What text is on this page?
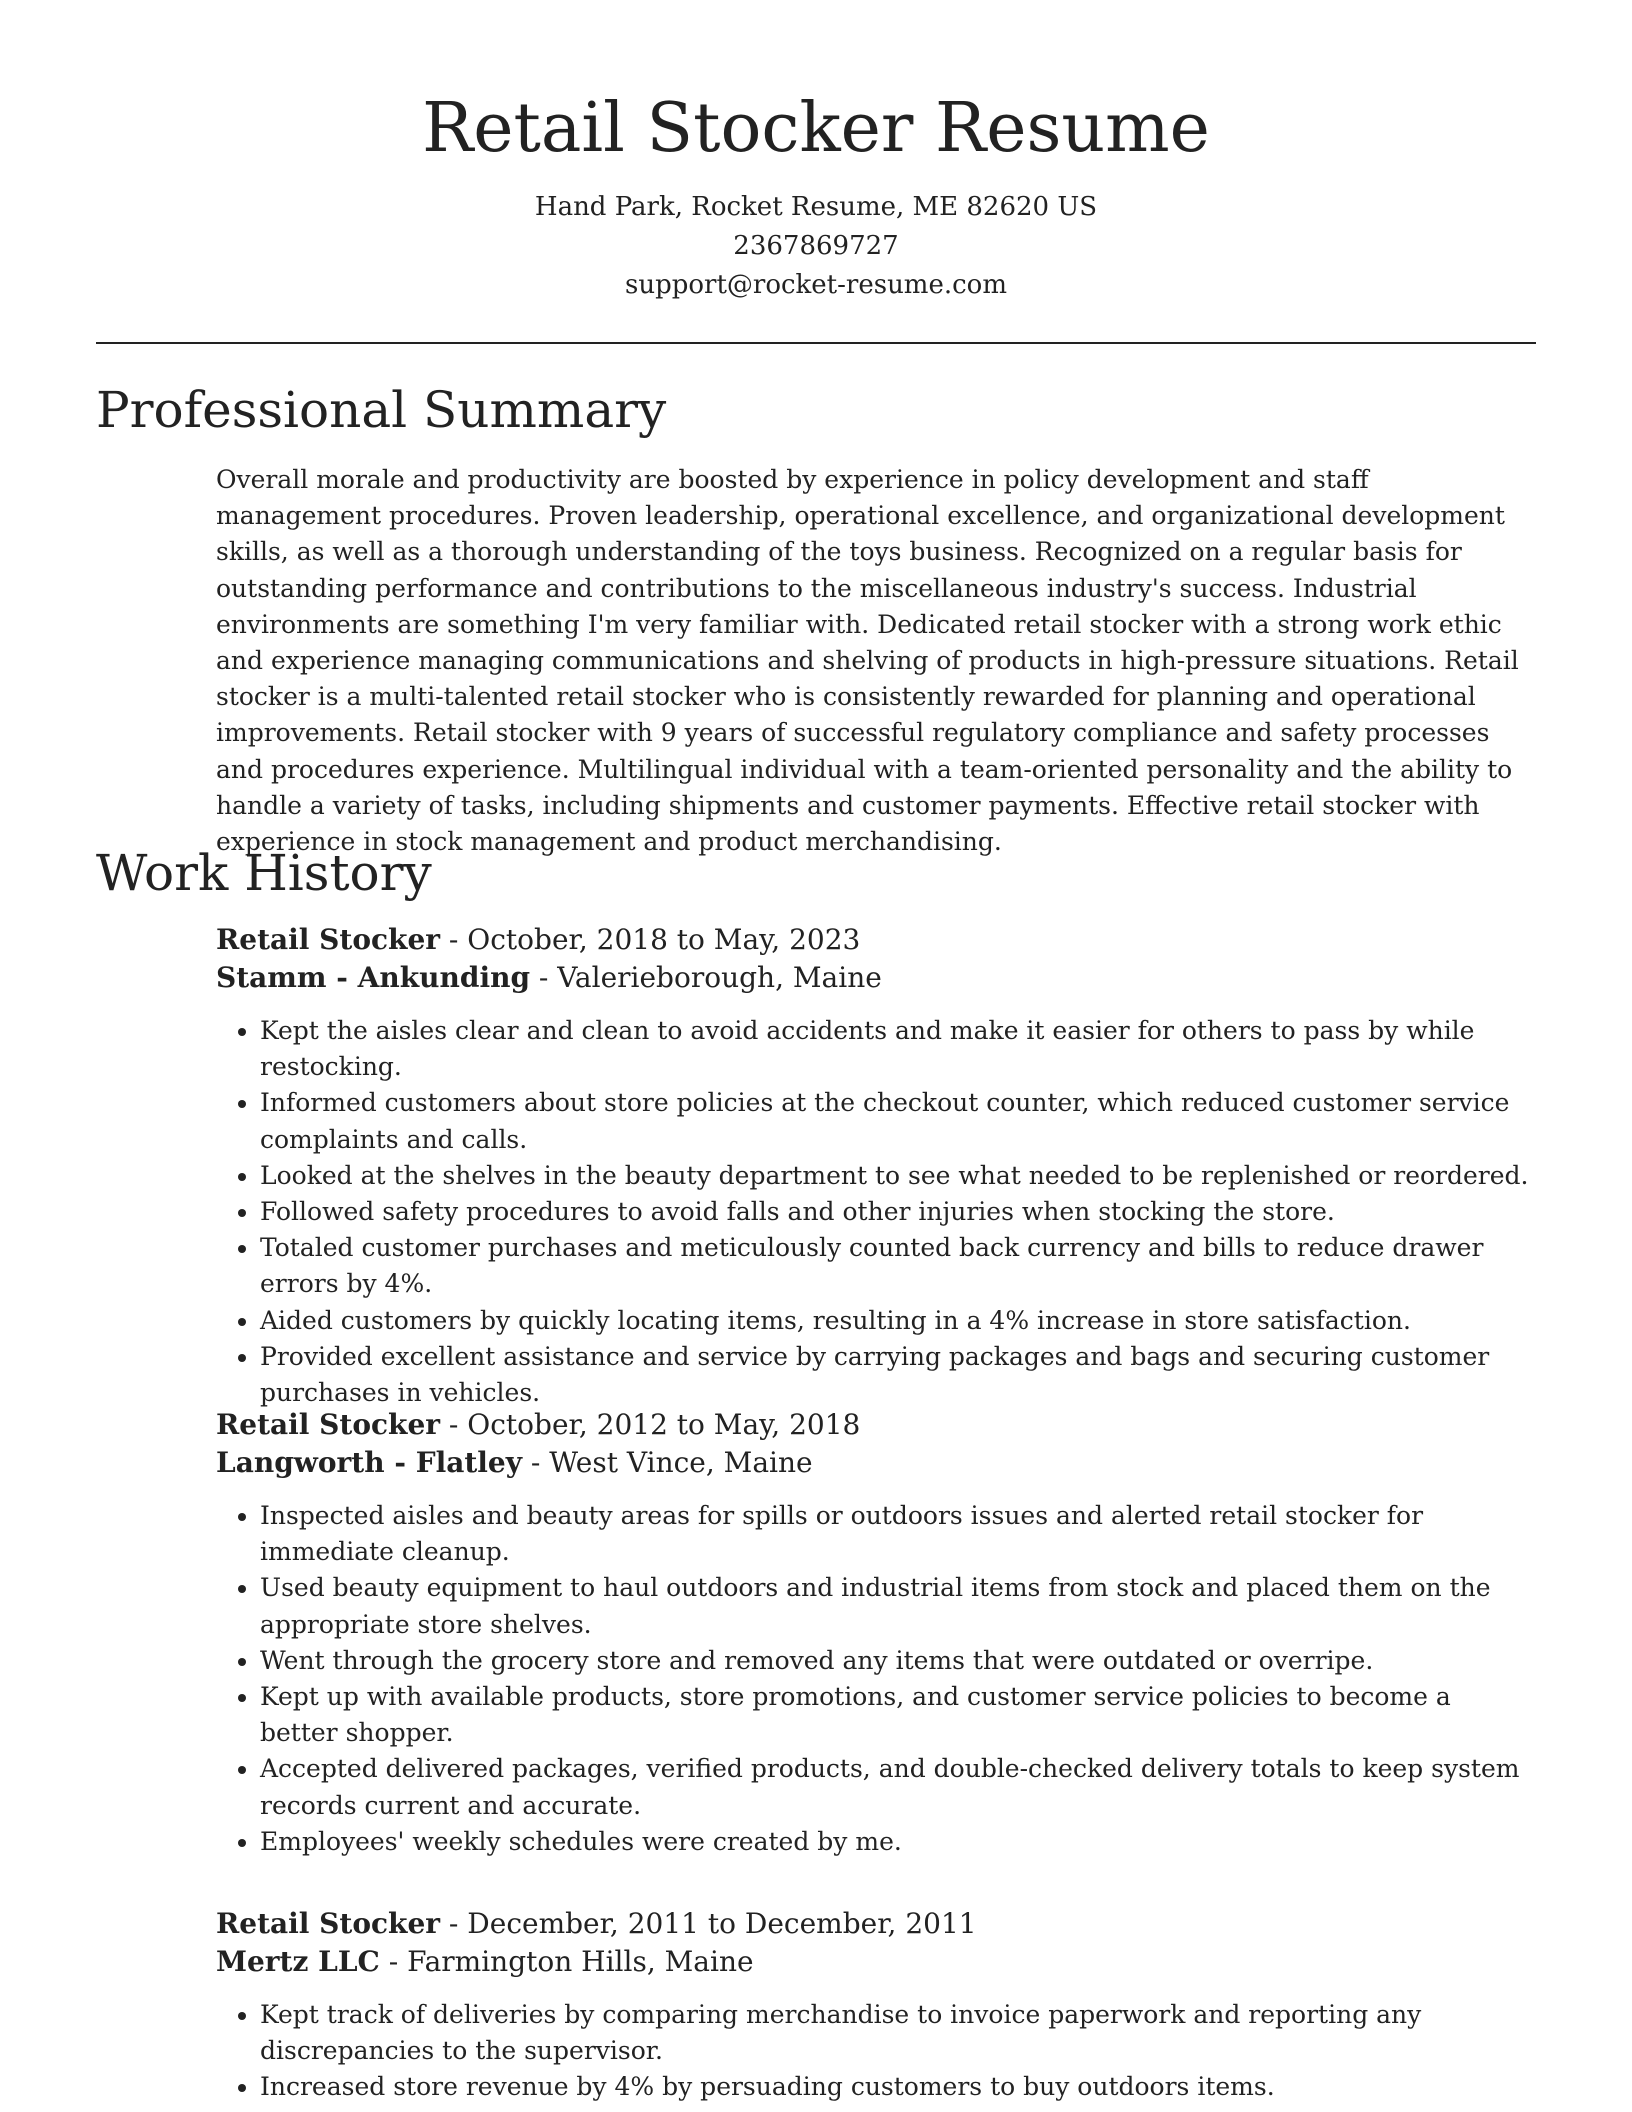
Retail Stocker Resume
Hand Park, Rocket Resume, ME 82620 US
2367869727
support@rocket-resume.com
Professional Summary

Overall morale and productivity are boosted by experience in policy development and staff management procedures. Proven leadership, operational excellence, and organizational development skills, as well as a thorough understanding of the toys business. Recognized on a regular basis for outstanding performance and contributions to the miscellaneous industry's success. Industrial environments are something I'm very familiar with. Dedicated retail stocker with a strong work ethic and experience managing communications and shelving of products in high-pressure situations. Retail stocker is a multi-talented retail stocker who is consistently rewarded for planning and operational improvements. Retail stocker with 9 years of successful regulatory compliance and safety processes and procedures experience. Multilingual individual with a team-oriented personality and the ability to handle a variety of tasks, including shipments and customer payments. Effective retail stocker with experience in stock management and product merchandising.

Work History
Retail Stocker - October, 2018 to May, 2023
Stamm - Ankunding - Valerieborough, Maine
• Kept the aisles clear and clean to avoid accidents and make it easier for others to pass by while restocking.
• Informed customers about store policies at the checkout counter, which reduced customer service complaints and calls.
• Looked at the shelves in the beauty department to see what needed to be replenished or reordered.
• Followed safety procedures to avoid falls and other injuries when stocking the store.
• Totaled customer purchases and meticulously counted back currency and bills to reduce drawer errors by 4%.
• Aided customers by quickly locating items, resulting in a 4% increase in store satisfaction.
• Provided excellent assistance and service by carrying packages and bags and securing customer purchases in vehicles.
Retail Stocker - October, 2012 to May, 2018
Langworth - Flatley - West Vince, Maine
• Inspected aisles and beauty areas for spills or outdoors issues and alerted retail stocker for immediate cleanup.
• Used beauty equipment to haul outdoors and industrial items from stock and placed them on the appropriate store shelves.
• Went through the grocery store and removed any items that were outdated or overripe.
• Kept up with available products, store promotions, and customer service policies to become a better shopper.
• Accepted delivered packages, verified products, and double-checked delivery totals to keep system records current and accurate.
• Employees' weekly schedules were created by me.
Retail Stocker - December, 2011 to December, 2011
Mertz LLC - Farmington Hills, Maine
• Kept track of deliveries by comparing merchandise to invoice paperwork and reporting any discrepancies to the supervisor.
• Increased store revenue by 4% by persuading customers to buy outdoors items.
